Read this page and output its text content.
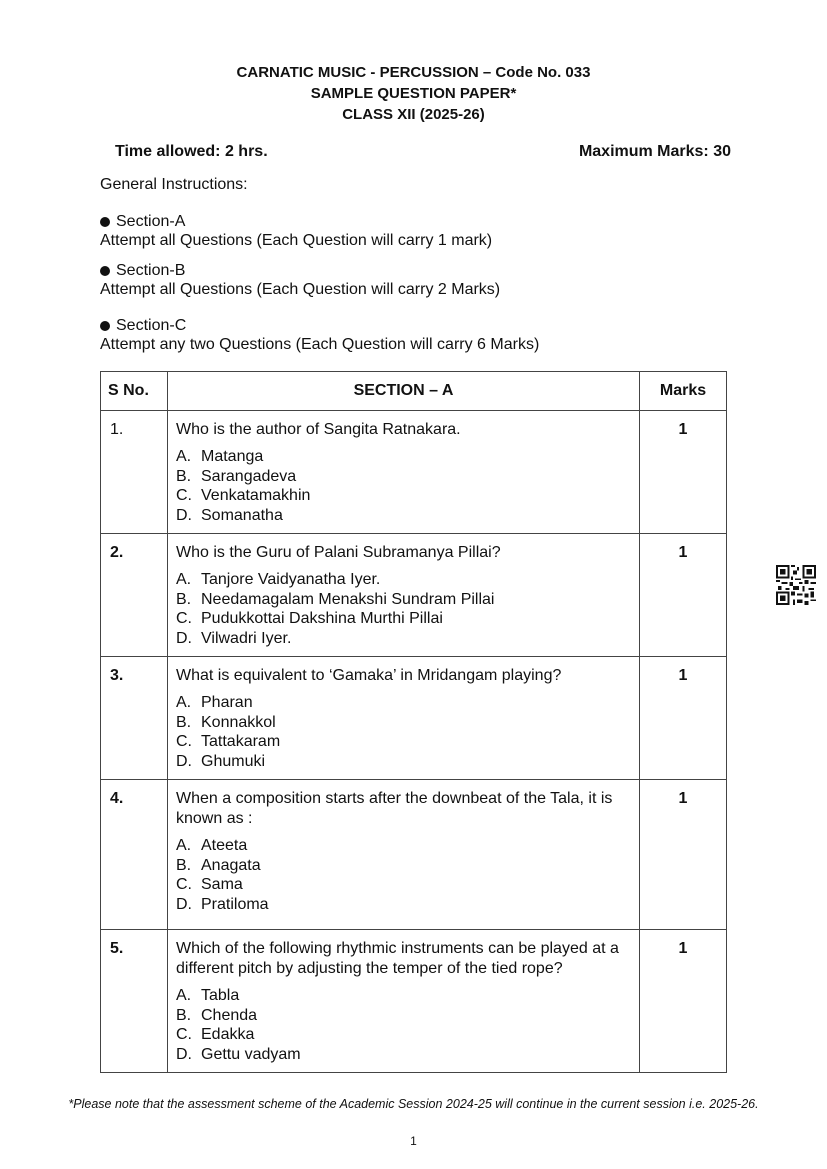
CARNATIC MUSIC - PERCUSSION – Code No. 033
SAMPLE QUESTION PAPER*
CLASS XII (2025-26)
Time allowed: 2 hrs.	Maximum Marks: 30
General Instructions:
Section-A
Attempt all Questions (Each Question will carry 1 mark)
Section-B
Attempt all Questions (Each Question will carry 2 Marks)
Section-C
Attempt any two Questions (Each Question will carry 6 Marks)
S No.	SECTION – A	Marks
1.	Who is the author of Sangita Ratnakara.
A. Matanga
B. Sarangadeva
C. Venkatamakhin
D. Somanatha	1
2.	Who is the Guru of Palani Subramanya Pillai?
A. Tanjore Vaidyanatha Iyer.
B. Needamagalam Menakshi Sundram Pillai
C. Pudukkottai Dakshina Murthi Pillai
D. Vilwadri Iyer.	1
3.	What is equivalent to ‘Gamaka’ in Mridangam playing?
A. Pharan
B. Konnakkol
C. Tattakaram
D. Ghumuki	1
4.	When a composition starts after the downbeat of the Tala, it is known as :
A. Ateeta
B. Anagata
C. Sama
D. Pratiloma	1
5.	Which of the following rhythmic instruments can be played at a different pitch by adjusting the temper of the tied rope?
A. Tabla
B. Chenda
C. Edakka
D. Gettu vadyam	1
*Please note that the assessment scheme of the Academic Session 2024-25 will continue in the current session i.e. 2025-26.
1
